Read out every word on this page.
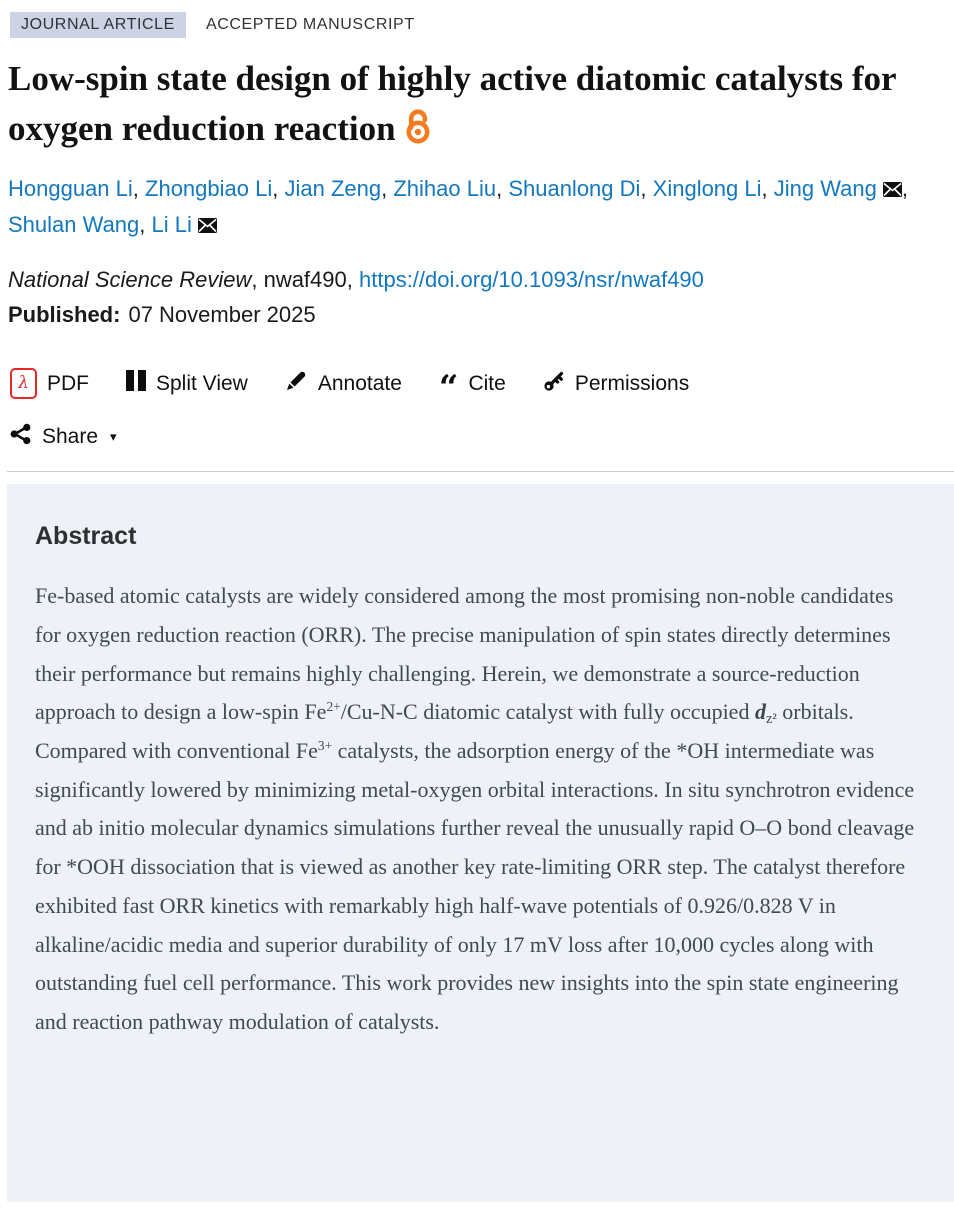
JOURNAL ARTICLE	ACCEPTED MANUSCRIPT
Low-spin state design of highly active diatomic catalysts for oxygen reduction reaction
Hongguan Li, Zhongbiao Li, Jian Zeng, Zhihao Liu, Shuanlong Di, Xinglong Li, Jing Wang , Shulan Wang, Li Li
National Science Review, nwaf490, https://doi.org/10.1093/nsr/nwaf490
Published: 07 November 2025
λ PDF	Split View	Annotate “ Cite	Permissions
Share ▾
Abstract

Fe-based atomic catalysts are widely considered among the most promising non-noble candidates for oxygen reduction reaction (ORR). The precise manipulation of spin states directly determines their performance but remains highly challenging. Herein, we demonstrate a source-reduction approach to design a low-spin $Fe^{2+}/Cu-N-C$ diatomic catalyst with fully occupied dz² orbitals. Compared with conventional $Fe^{3+}$ catalysts, the adsorption energy of the *OH intermediate was significantly lowered by minimizing metal-oxygen orbital interactions. In situ synchrotron evidence and ab initio molecular dynamics simulations further reveal the unusually rapid O–O bond cleavage for *OOH dissociation that is viewed as another key rate-limiting ORR step. The catalyst therefore exhibited fast ORR kinetics with remarkably high half-wave potentials of 0.926/0.828 V in alkaline/acidic media and superior durability of only 17 mV loss after 10,000 cycles along with outstanding fuel cell performance. This work provides new insights into the spin state engineering and reaction pathway modulation of catalysts.
